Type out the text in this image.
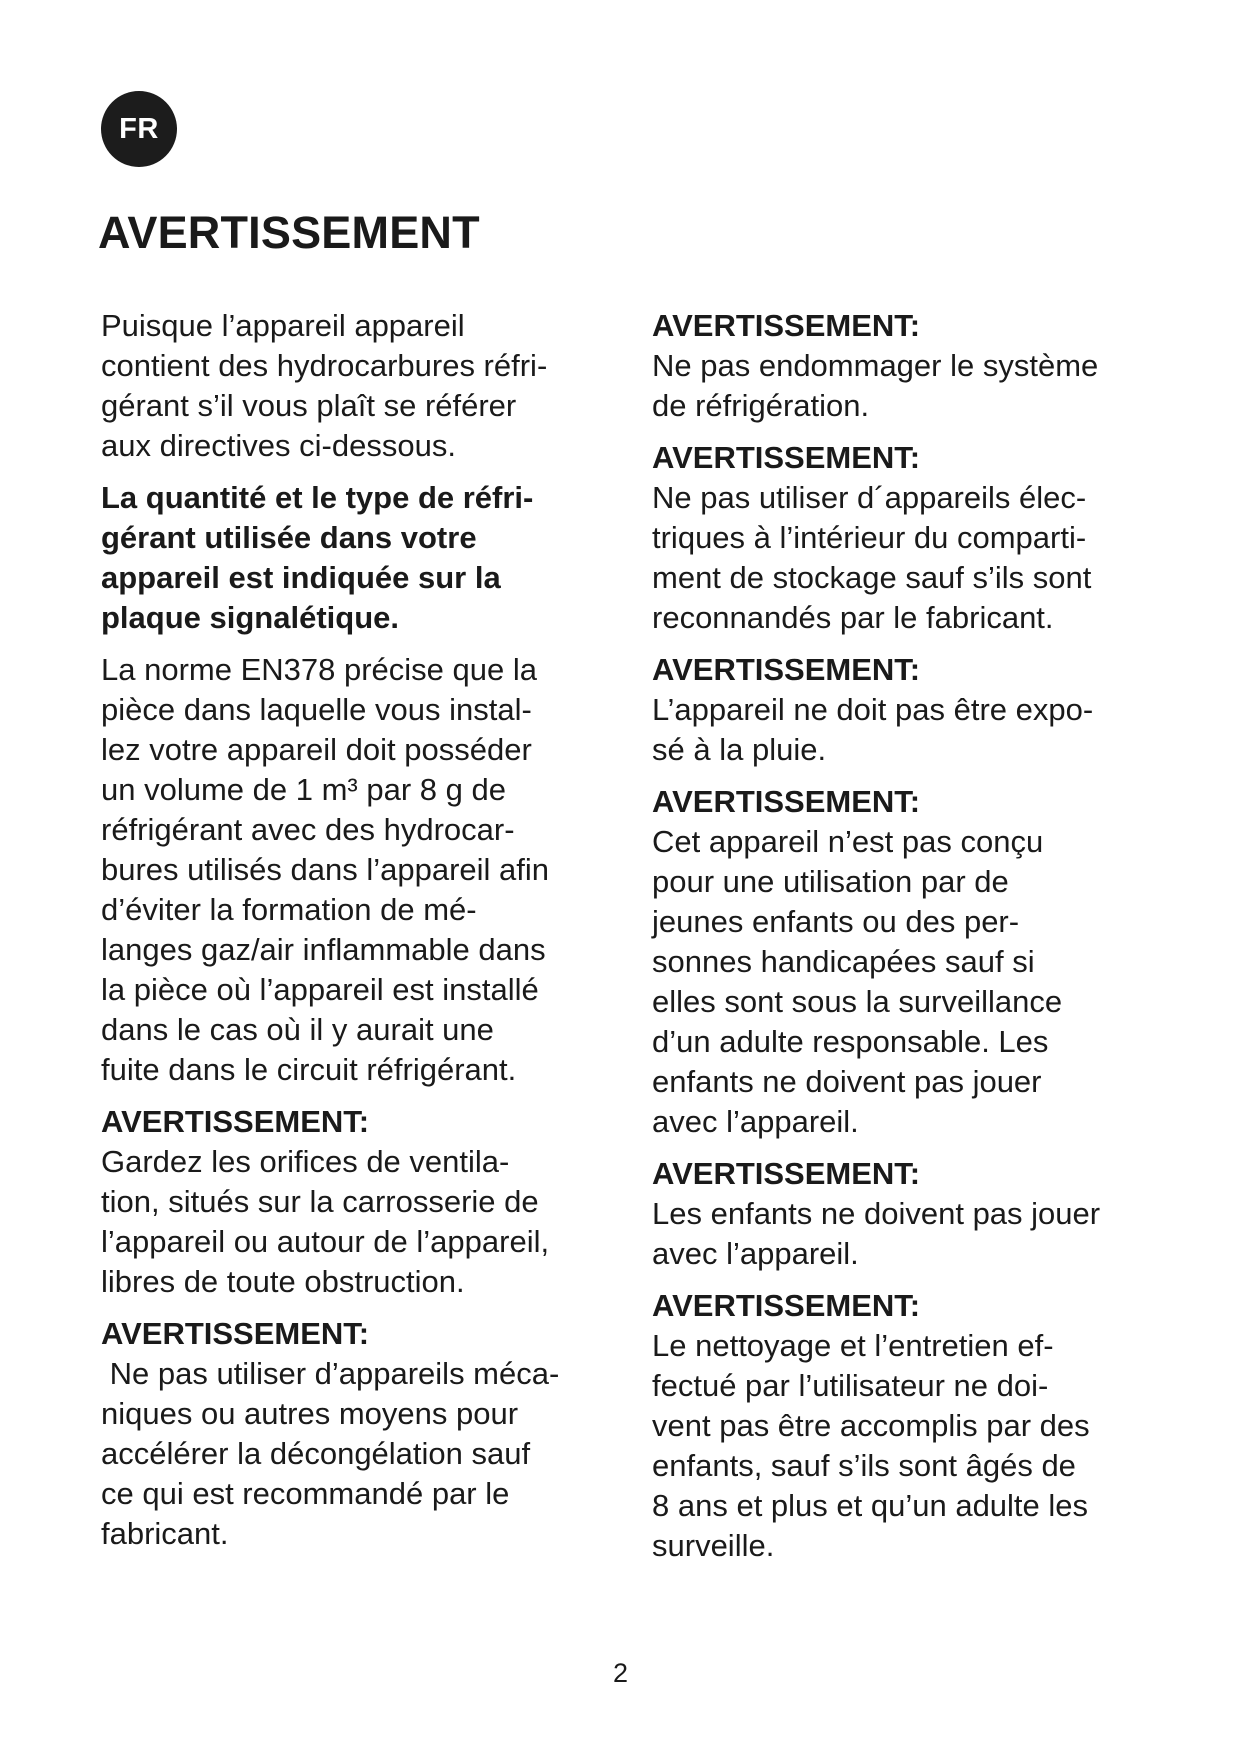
FR
AVERTISSEMENT

Puisque l’appareil appareil
contient des hydrocarbures réfri-
gérant s’il vous plaît se référer
aux directives ci-dessous.

La quantité et le type de réfri-
gérant utilisée dans votre
appareil est indiquée sur la
plaque signalétique.

La norme EN378 précise que la
pièce dans laquelle vous instal-
lez votre appareil doit posséder
un volume de 1 m³ par 8 g de
réfrigérant avec des hydrocar-
bures utilisés dans l’appareil afin
d’éviter la formation de mé-
langes gaz/air inflammable dans
la pièce où l’appareil est installé
dans le cas où il y aurait une
fuite dans le circuit réfrigérant.

AVERTISSEMENT:
Gardez les orifices de ventila-
tion, situés sur la carrosserie de
l’appareil ou autour de l’appareil,
libres de toute obstruction.
AVERTISSEMENT:
Ne pas utiliser d’appareils méca-
niques ou autres moyens pour
accélérer la décongélation sauf
ce qui est recommandé par le
fabricant.
AVERTISSEMENT:
Ne pas endommager le système
de réfrigération.
AVERTISSEMENT:
Ne pas utiliser d´appareils élec-
triques à l’intérieur du comparti-
ment de stockage sauf s’ils sont
reconnandés par le fabricant.
AVERTISSEMENT:
L’appareil ne doit pas être expo-
sé à la pluie.
AVERTISSEMENT:
Cet appareil n’est pas conçu
pour une utilisation par de
jeunes enfants ou des per-
sonnes handicapées sauf si
elles sont sous la surveillance
d’un adulte responsable. Les
enfants ne doivent pas jouer
avec l’appareil.
AVERTISSEMENT:
Les enfants ne doivent pas jouer
avec l’appareil.
AVERTISSEMENT:
Le nettoyage et l’entretien ef-
fectué par l’utilisateur ne doi-
vent pas être accomplis par des
enfants, sauf s’ils sont âgés de
8 ans et plus et qu’un adulte les
surveille.
2
